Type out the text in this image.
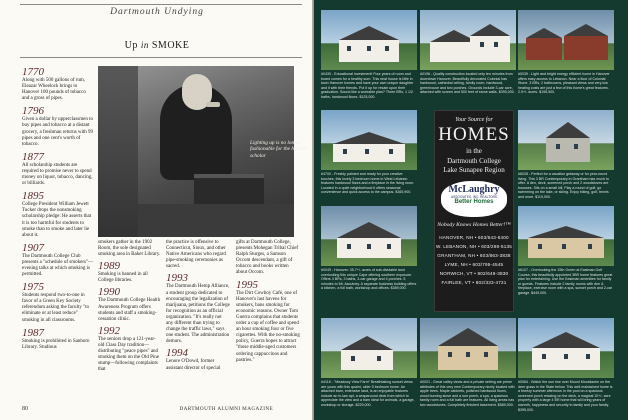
Dartmouth Undying
Up in SMOKE
1770
Along with 500 gallons of rum, Eleazar Wheelock brings to Hanover 100 pounds of tobacco and a gross of pipes.
1796
Given a dollar by upperclassmen to buy pipes and tobacco at a distant grocery, a freshman returns with 99 pipes and one cent's worth of tobacco.
1877
All scholarship students are required to promise never to spend money on liquor, tobacco, dancing, or billiards.
1895
College President William Jewett Tucker drops the nonsmoking scholarship pledge: He asserts that it is too harmful for students to smoke than to smoke and later lie about it.
1907
The Dartmouth College Club presents a "schedule of smokers"—evening talks at which smoking is permitted.
1975
Students respond two-to-one in favor of a Green Key Society referendum asking the faculty "to eliminate or at least reduce" smoking in all classrooms.
1987
Smoking is prohibited in Sanborn Library. Studious
Lighting up is no longer fashionable for the harried scholar
smokers gather in the 1902 Room, the sole designated smoking area in Baker Library.
1989
Smoking is banned in all College libraries.
1990
The Dartmouth College Health Awareness Program offers students and staff a smoking-cessation clinic.
1992
The seniors drop a 121-year-old Class Day tradition—distributing "peace pipes" and smoking them on the Old Pine stump—following complaints that
the practice is offensive to Connecticut, Sioux, and other Native Americans who regard pipe-smoking ceremonies as sacred.
1993
The Dartmouth Hemp Alliance, a student group dedicated to encouraging the legalization of marijuana, petitions the College for recognition as an official organization. "It's really not any different than trying to change the traffic laws," says one student. The administration demurs.
1994
Lenore O'Dowd, former assistant director of special
gifts at Dartmouth College, presents Mohegan Tribal Chief Ralph Sturges, a Samson Occom descendant, a gift of tobacco and books written about Occom.
1995
The Dirt Cowboy Café, one of Hanover's last havens for smokers, bans smoking for economic reasons. Owner Tom Guerra complains that students order a cup of coffee and spend an hour smoking four or five cigarettes. With the no-smoking policy, Guerra hopes to attract "those middle-aged customers ordering cappuccinos and pastries."
80	DARTMOUTH ALUMNI MAGAZINE
#0430 - Educational investment! Four years of room and board comes for a healthy sum. This neat house is little in town Hanover homes and have your own unique daughter and it with their friends. Put it up for resale upon their graduation. Sound like a workable plan? Three BRs, 1 1/2 baths, hardwood floors. $125,000.
#0196 - Quality construction located only ten minutes from downtown Hanover. Beautifully decorated Colonial has hardwood, cathedral ceiling, family room, hardwood, greenhouse and two porches. Grounds include 3-car acre, attached with screen and 500 feet of stone walls. $395,000.
#0039 - Light and bright energy efficient home in Hanover offers easy access to Lebanon. Near a floor of Colonial Stone. 3 BRs, 2 bathrooms, pleasant views and very low heating costs are just a few of this home's great features. 2.9+/- acres. $198,500.
#4700 - Freshly painted and ready for your creative touches, this lovely 3 bedroom home in West Lebanon features hardwood floors and a fireplace in the living room. Located in a quiet neighborhood it offers seasonal convenience and quick access to the campus. $165,900.
Your Source for
HOMES
in the
Dartmouth College
Lake Sunapee Region
McLaughry
ASSOCIATES, INC. REALTORS
Better Homes
Nobody Knows Homes Better!™
HANOVER, NH • 603/643-6400
W. LEBANON, NH • 603/298-5135
GRANTHAM, NH • 603/863-3838
LYME, NH • 603/795-4545
NORWICH, VT • 802/649-3830
FAIRLEE, VT • 802/333-4721
#6028 - Perfect for a vacation getaway or for year-round living. This 3 BR Contemporary in Grantham has much to offer. A den, deck, screened porch and 2 woodstoves are bonuses. Sits on a small hill. Play a round of golf, go swimming on the lake, or skiing. Enjoy biking, golf, tennis and more. $119,000.
#0049 - Hanover: 35.7+/- acres of sub-dividable land overlooking this unique Cape offering southern exposure. Offers 4 BRs, 3 baths, 3-car garage and 4 porches. 5 minutes to Mt. Ascutney. A separate business building offers a kitchen, a full bath, workshop and offices. $389,000.
#6107 - Overlooking the 15th Green at Eastman Golf Course, this beautifully appointed 3BR home features great plan for entertaining. Use the Eastman amenities for family or guests. Features include 2 family rooms with den & fireplace, exercise room with a spa, sunset porch and 2-car garage. $449,000.
#4118 - "Meadowy View Farm" Breathtaking sunset views are yours with this quaint, older 5 bedroom home. An attached barn, extensive land, is an enjoyable features include an in-law apt, a wraparound deck from which to appreciate the view and a barn ideal for animals, a garage, workshop or storage. $229,000.
#0021 - Great valley views and a private setting are prime attributes of this very new Contemporary nicely located with apple trees. Maple cabinets, polished hardwood floors, wood burning stove and a sun porch, a spa, a spacious family room and a full bath are features. All living areas has two woodstoves. Completely finished basement. $589,000.
#0064 - Watch the sun rise over Mount Moosilauke on the deer grass in the State below. This well maintained home is a breezy summer afternoon in the pool on a spacious screened porch relaxing on the deck, a magical 10+/- acre property with a large 4 BR home that will bring years of warmth, happiness and security to family and your family. $395,000.
